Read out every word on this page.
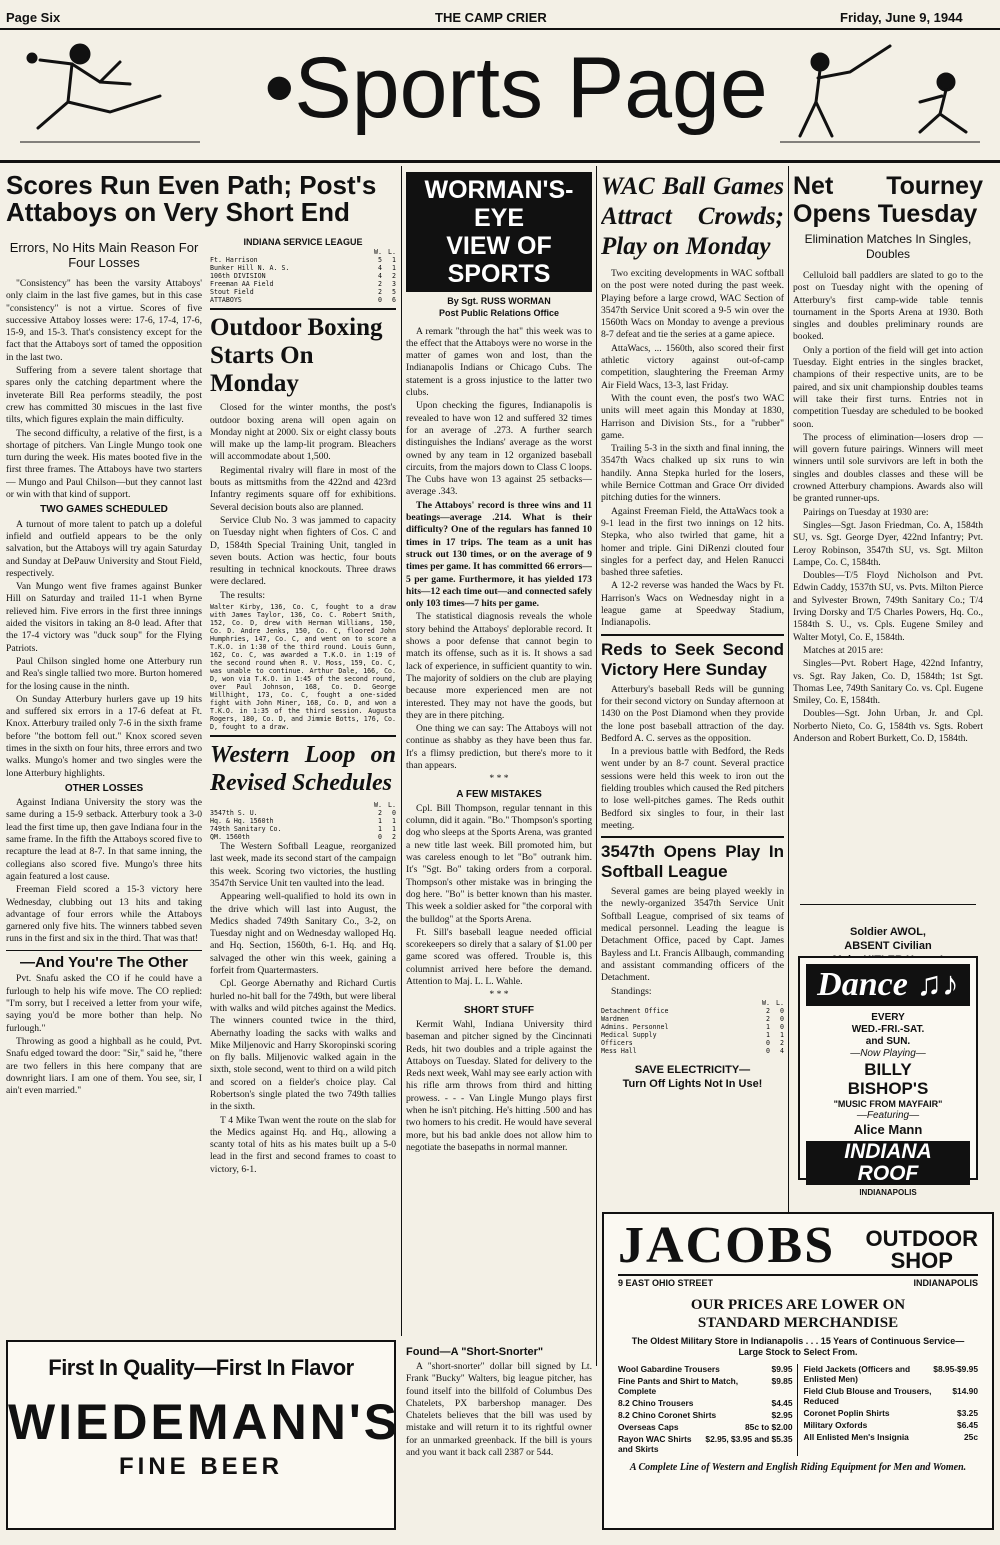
Page Six	THE CAMP CRIER	Friday, June 9, 1944
•Sports Page
Scores Run Even Path; Post's Attaboys on Very Short End
Errors, No Hits Main Reason For Four Losses

"Consistency" has been the varsity Attaboys' only claim in the last five games, but in this case "consistency" is not a virtue. Scores of five successive Attaboy losses were: 17-6, 17-4, 17-6, 15-9, and 15-3. That's consistency except for the fact that the Attaboys sort of tamed the opposition in the last two.

Suffering from a severe talent shortage that spares only the catching department where the inveterate Bill Rea performs steadily, the post crew has committed 30 miscues in the last five tilts, which figures explain the main difficulty.

The second difficulty, a relative of the first, is a shortage of pitchers. Van Lingle Mungo took one turn during the week. His mates booted five in the first three frames. The Attaboys have two starters — Mungo and Paul Chilson—but they cannot last or win with that kind of support.

TWO GAMES SCHEDULED

A turnout of more talent to patch up a doleful infield and outfield appears to be the only salvation, but the Attaboys will try again Saturday and Sunday at DePauw University and Stout Field, respectively.

Van Mungo went five frames against Bunker Hill on Saturday and trailed 11-1 when Byrne relieved him. Five errors in the first three innings aided the visitors in taking an 8-0 lead. After that the 17-4 victory was "duck soup" for the Flying Patriots.

Paul Chilson singled home one Atterbury run and Rea's single tallied two more. Burton homered for the losing cause in the ninth.

On Sunday Atterbury hurlers gave up 19 hits and suffered six errors in a 17-6 defeat at Ft. Knox. Atterbury trailed only 7-6 in the sixth frame before "the bottom fell out." Knox scored seven times in the sixth on four hits, three errors and two walks. Mungo's homer and two singles were the lone Atterbury highlights.

OTHER LOSSES

Against Indiana University the story was the same during a 15-9 setback. Atterbury took a 3-0 lead the first time up, then gave Indiana four in the same frame. In the fifth the Attaboys scored five to recapture the lead at 8-7. In that same inning, the collegians also scored five. Mungo's three hits again featured a lost cause.

Freeman Field scored a 15-3 victory here Wednesday, clubbing out 13 hits and taking advantage of four errors while the Attaboys garnered only five hits. The winners tabbed seven runs in the first and six in the third. That was that!

—And You're The Other

Pvt. Snafu asked the CO if he could have a furlough to help his wife move. The CO replied: "I'm sorry, but I received a letter from your wife, saying you'd be more bother than help. No furlough."

Throwing as good a highball as he could, Pvt. Snafu edged toward the door: "Sir," said he, "there are two fellers in this here company that are downright liars. I am one of them. You see, sir, I ain't even married."

INDIANA SERVICE LEAGUE
	W.	L.
Ft. Harrison	5	1
Bunker Hill N. A. S.	4	1
106th DIVISION	4	2
Freeman AA Field	2	3
Stout Field	2	5
ATTABOYS	0	6
Outdoor Boxing Starts On Monday

Closed for the winter months, the post's outdoor boxing arena will open again on Monday night at 2000. Six or eight classy bouts will make up the lamp-lit program. Bleachers will accommodate about 1,500.

Regimental rivalry will flare in most of the bouts as mittsmiths from the 422nd and 423rd Infantry regiments square off for exhibitions. Several decision bouts also are planned.

Service Club No. 3 was jammed to capacity on Tuesday night when fighters of Cos. C and D, 1584th Special Training Unit, tangled in seven bouts. Action was hectic, four bouts resulting in technical knockouts. Three draws were declared.

The results:

Walter Kirby, 136, Co. C, fought to a draw with James Taylor, 136, Co. C. Robert Smith, 152, Co. D, drew with Herman Williams, 150, Co. D. Andre Jenks, 150, Co. C, floored John Humphries, 147, Co. C, and went on to score a T.K.O. in 1:30 of the third round. Louis Gunn, 162, Co. C, was awarded a T.K.O. in 1:19 of the second round when R. V. Moss, 159, Co. C, was unable to continue. Arthur Dale, 166, Co. D, won via T.K.O. in 1:45 of the second round, over Paul Johnson, 168, Co. D. George Willhight, 173, Co. C, fought a one-sided fight with John Miner, 168, Co. D, and won a T.K.O. in 1:35 of the third session. Augusta Rogers, 180, Co. D, and Jimmie Botts, 176, Co. D, fought to a draw.

Western Loop on Revised Schedules
	W.	L.
3547th S. U.	2	0
Hq. & Hq. 1560th	1	1
749th Sanitary Co.	1	1
QM. 1560th	0	2

The Western Softball League, reorganized last week, made its second start of the campaign this week. Scoring two victories, the hustling 3547th Service Unit ten vaulted into the lead.

Appearing well-qualified to hold its own in the drive which will last into August, the Medics shaded 749th Sanitary Co., 3-2, on Tuesday night and on Wednesday walloped Hq. and Hq. Section, 1560th, 6-1. Hq. and Hq. salvaged the other win this week, gaining a forfeit from Quartermasters.

Cpl. George Abernathy and Richard Curtis hurled no-hit ball for the 749th, but were liberal with walks and wild pitches against the Medics. The winners counted twice in the third, Abernathy loading the sacks with walks and Mike Miljenovic and Harry Skoropinski scoring on fly balls. Miljenovic walked again in the sixth, stole second, went to third on a wild pitch and scored on a fielder's choice play. Cal Robertson's single plated the two 749th tallies in the sixth.

T 4 Mike Twan went the route on the slab for the Medics against Hq. and Hq., allowing a scanty total of hits as his mates built up a 5-0 lead in the first and second frames to coast to victory, 6-1.

WORMAN'S-EYE
VIEW OF SPORTS
By Sgt. RUSS WORMAN
Post Public Relations Office

A remark "through the hat" this week was to the effect that the Attaboys were no worse in the matter of games won and lost, than the Indianapolis Indians or Chicago Cubs. The statement is a gross injustice to the latter two clubs.

Upon checking the figures, Indianapolis is revealed to have won 12 and suffered 32 times for an average of .273. A further search distinguishes the Indians' average as the worst owned by any team in 12 organized baseball circuits, from the majors down to Class C loops. The Cubs have won 13 against 25 setbacks—average .343.

The Attaboys' record is three wins and 11 beatings—average .214. What is their difficulty? One of the regulars has fanned 10 times in 17 trips. The team as a unit has struck out 130 times, or on the average of 9 times per game. It has committed 66 errors—5 per game. Furthermore, it has yielded 173 hits—12 each time out—and connected safely only 103 times—7 hits per game.

The statistical diagnosis reveals the whole story behind the Attaboys' deplorable record. It shows a poor defense that cannot begin to match its offense, such as it is. It shows a sad lack of experience, in sufficient quantity to win. The majority of soldiers on the club are playing because more experienced men are not interested. They may not have the goods, but they are in there pitching.

One thing we can say: The Attaboys will not continue as shabby as they have been thus far. It's a flimsy prediction, but there's more to it than appears.

* * *
A FEW MISTAKES

Cpl. Bill Thompson, regular tennant in this column, did it again. "Bo." Thompson's sporting dog who sleeps at the Sports Arena, was granted a new title last week. Bill promoted him, but was careless enough to let "Bo" outrank him. It's "Sgt. Bo" taking orders from a corporal. Thompson's other mistake was in bringing the dog here. "Bo" is better known than his master. This week a soldier asked for "the corporal with the bulldog" at the Sports Arena.

Ft. Sill's baseball league needed official scorekeepers so direly that a salary of $1.00 per game scored was offered. Trouble is, this columnist arrived here before the demand. Attention to Maj. L. L. Wahle.

* * *
SHORT STUFF

Kermit Wahl, Indiana University third baseman and pitcher signed by the Cincinnati Reds, hit two doubles and a triple against the Attaboys on Tuesday. Slated for delivery to the Reds next week, Wahl may see early action with his rifle arm throws from third and hitting prowess. - - - Van Lingle Mungo plays first when he isn't pitching. He's hitting .500 and has two homers to his credit. He would have several more, but his bad ankle does not allow him to negotiate the basepaths in normal manner.

WAC Ball Games Attract Crowds; Play on Monday

Two exciting developments in WAC softball on the post were noted during the past week. Playing before a large crowd, WAC Section of 3547th Service Unit scored a 9-5 win over the 1560th Wacs on Monday to avenge a previous 8-7 defeat and tie the series at a game apiece.

AttaWacs, ... 1560th, also scored their first athletic victory against out-of-camp competition, slaughtering the Freeman Army Air Field Wacs, 13-3, last Friday.

With the count even, the post's two WAC units will meet again this Monday at 1830, Harrison and Division Sts., for a "rubber" game.

Trailing 5-3 in the sixth and final inning, the 3547th Wacs chalked up six runs to win handily. Anna Stepka hurled for the losers, while Bernice Cottman and Grace Orr divided pitching duties for the winners.

Against Freeman Field, the AttaWacs took a 9-1 lead in the first two innings on 12 hits. Stepka, who also twirled that game, hit a homer and triple. Gini DiRenzi clouted four singles for a perfect day, and Helen Ranucci bashed three safeties.

A 12-2 reverse was handed the Wacs by Ft. Harrison's Wacs on Wednesday night in a league game at Speedway Stadium, Indianapolis.

Reds to Seek Second Victory Here Sunday

Atterbury's baseball Reds will be gunning for their second victory on Sunday afternoon at 1430 on the Post Diamond when they provide the lone post baseball attraction of the day. Bedford A. C. serves as the opposition.

In a previous battle with Bedford, the Reds went under by an 8-7 count. Several practice sessions were held this week to iron out the fielding troubles which caused the Red pitchers to lose well-pitches games. The Reds outhit Bedford six singles to four, in their last meeting.

3547th Opens Play In Softball League

Several games are being played weekly in the newly-organized 3547th Service Unit Softball League, comprised of six teams of medical personnel. Leading the league is Detachment Office, paced by Capt. James Bayless and Lt. Francis Allbaugh, commanding and assistant commanding officers of the Detachment.

Standings:

	W.	L.
Detachment Office	2	0
Wardmen	2	0
Admins. Personnel	1	0
Medical Supply	1	1
Officers	0	2
Mess Hall	0	4
SAVE ELECTRICITY—
Turn Off Lights Not In Use!
Net Tourney Opens Tuesday
Elimination Matches In Singles, Doubles

Celluloid ball paddlers are slated to go to the post on Tuesday night with the opening of Atterbury's first camp-wide table tennis tournament in the Sports Arena at 1930. Both singles and doubles preliminary rounds are booked.

Only a portion of the field will get into action Tuesday. Eight entries in the singles bracket, champions of their respective units, are to be paired, and six unit championship doubles teams will take their first turns. Entries not in competition Tuesday are scheduled to be booked soon.

The process of elimination—losers drop — will govern future pairings. Winners will meet winners until sole survivors are left in both the singles and doubles classes and these will be crowned Atterbury champions. Awards also will be granted runner-ups.

Pairings on Tuesday at 1930 are:

Singles—Sgt. Jason Friedman, Co. A, 1584th SU, vs. Sgt. George Dyer, 422nd Infantry; Pvt. Leroy Robinson, 3547th SU, vs. Sgt. Milton Lampe, Co. C, 1584th.

Doubles—T/5 Floyd Nicholson and Pvt. Edwin Caddy, 1537th SU, vs. Pvts. Milton Pierce and Sylvester Brown, 749th Sanitary Co.; T/4 Irving Dorsky and T/5 Charles Powers, Hq. Co., 1584th S. U., vs. Cpls. Eugene Smiley and Walter Motyl, Co. E, 1584th.

Matches at 2015 are:

Singles—Pvt. Robert Hage, 422nd Infantry, vs. Sgt. Ray Jaken, Co. D, 1584th; 1st Sgt. Thomas Lee, 749th Sanitary Co. vs. Cpl. Eugene Smiley, Co. E, 1584th.

Doubles—Sgt. John Urban, Jr. and Cpl. Norberto Nieto, Co. G, 1584th vs. Sgts. Robert Anderson and Robert Burkett, Co. D, 1584th.

Soldier AWOL,
ABSENT Civilian
Dance ♫♪
EVERY
WED.-FRI.-SAT.
and SUN.
—Now Playing—
BILLY
BISHOP'S
"MUSIC FROM MAYFAIR"
—Featuring—
Alice Mann
INDIANA
ROOF
INDIANAPOLIS
Found—A "Short-Snorter"

A "short-snorter" dollar bill signed by Lt. Frank "Bucky" Walters, big league pitcher, has found itself into the billfold of Columbus Des Chatelets, PX barbershop manager. Des Chatelets believes that the bill was used by mistake and will return it to its rightful owner for an unmarked greenback. If the bill is yours and you want it back call 2387 or 544.

JACOBS OUTDOOR
SHOP
9 EAST OHIO STREET	INDIANAPOLIS
OUR PRICES ARE LOWER ON
STANDARD MERCHANDISE
The Oldest Military Store in Indianapolis . . . 15 Years of Continuous Service—Large Stock to Select From.
Wool Gabardine Trousers	$9.95
Fine Pants and Shirt to Match, Complete
$9.85
8.2 Chino Trousers	$4.45
8.2 Chino Coronet Shirts	$2.95
Overseas Caps	85c to $2.00
Rayon WAC Shirts and Skirts
$2.95, $3.95 and $5.35
Field Jackets (Officers and Enlisted Men)
$8.95-$9.95
Field Club Blouse and Trousers, Reduced
$14.90
Coronet Poplin Shirts	$3.25
Military Oxfords	$6.45
All Enlisted Men's Insignia	25c
A Complete Line of Western and English Riding Equipment for Men and Women.
First In Quality—First In Flavor
WIEDEMANN'S
FINE BEER
